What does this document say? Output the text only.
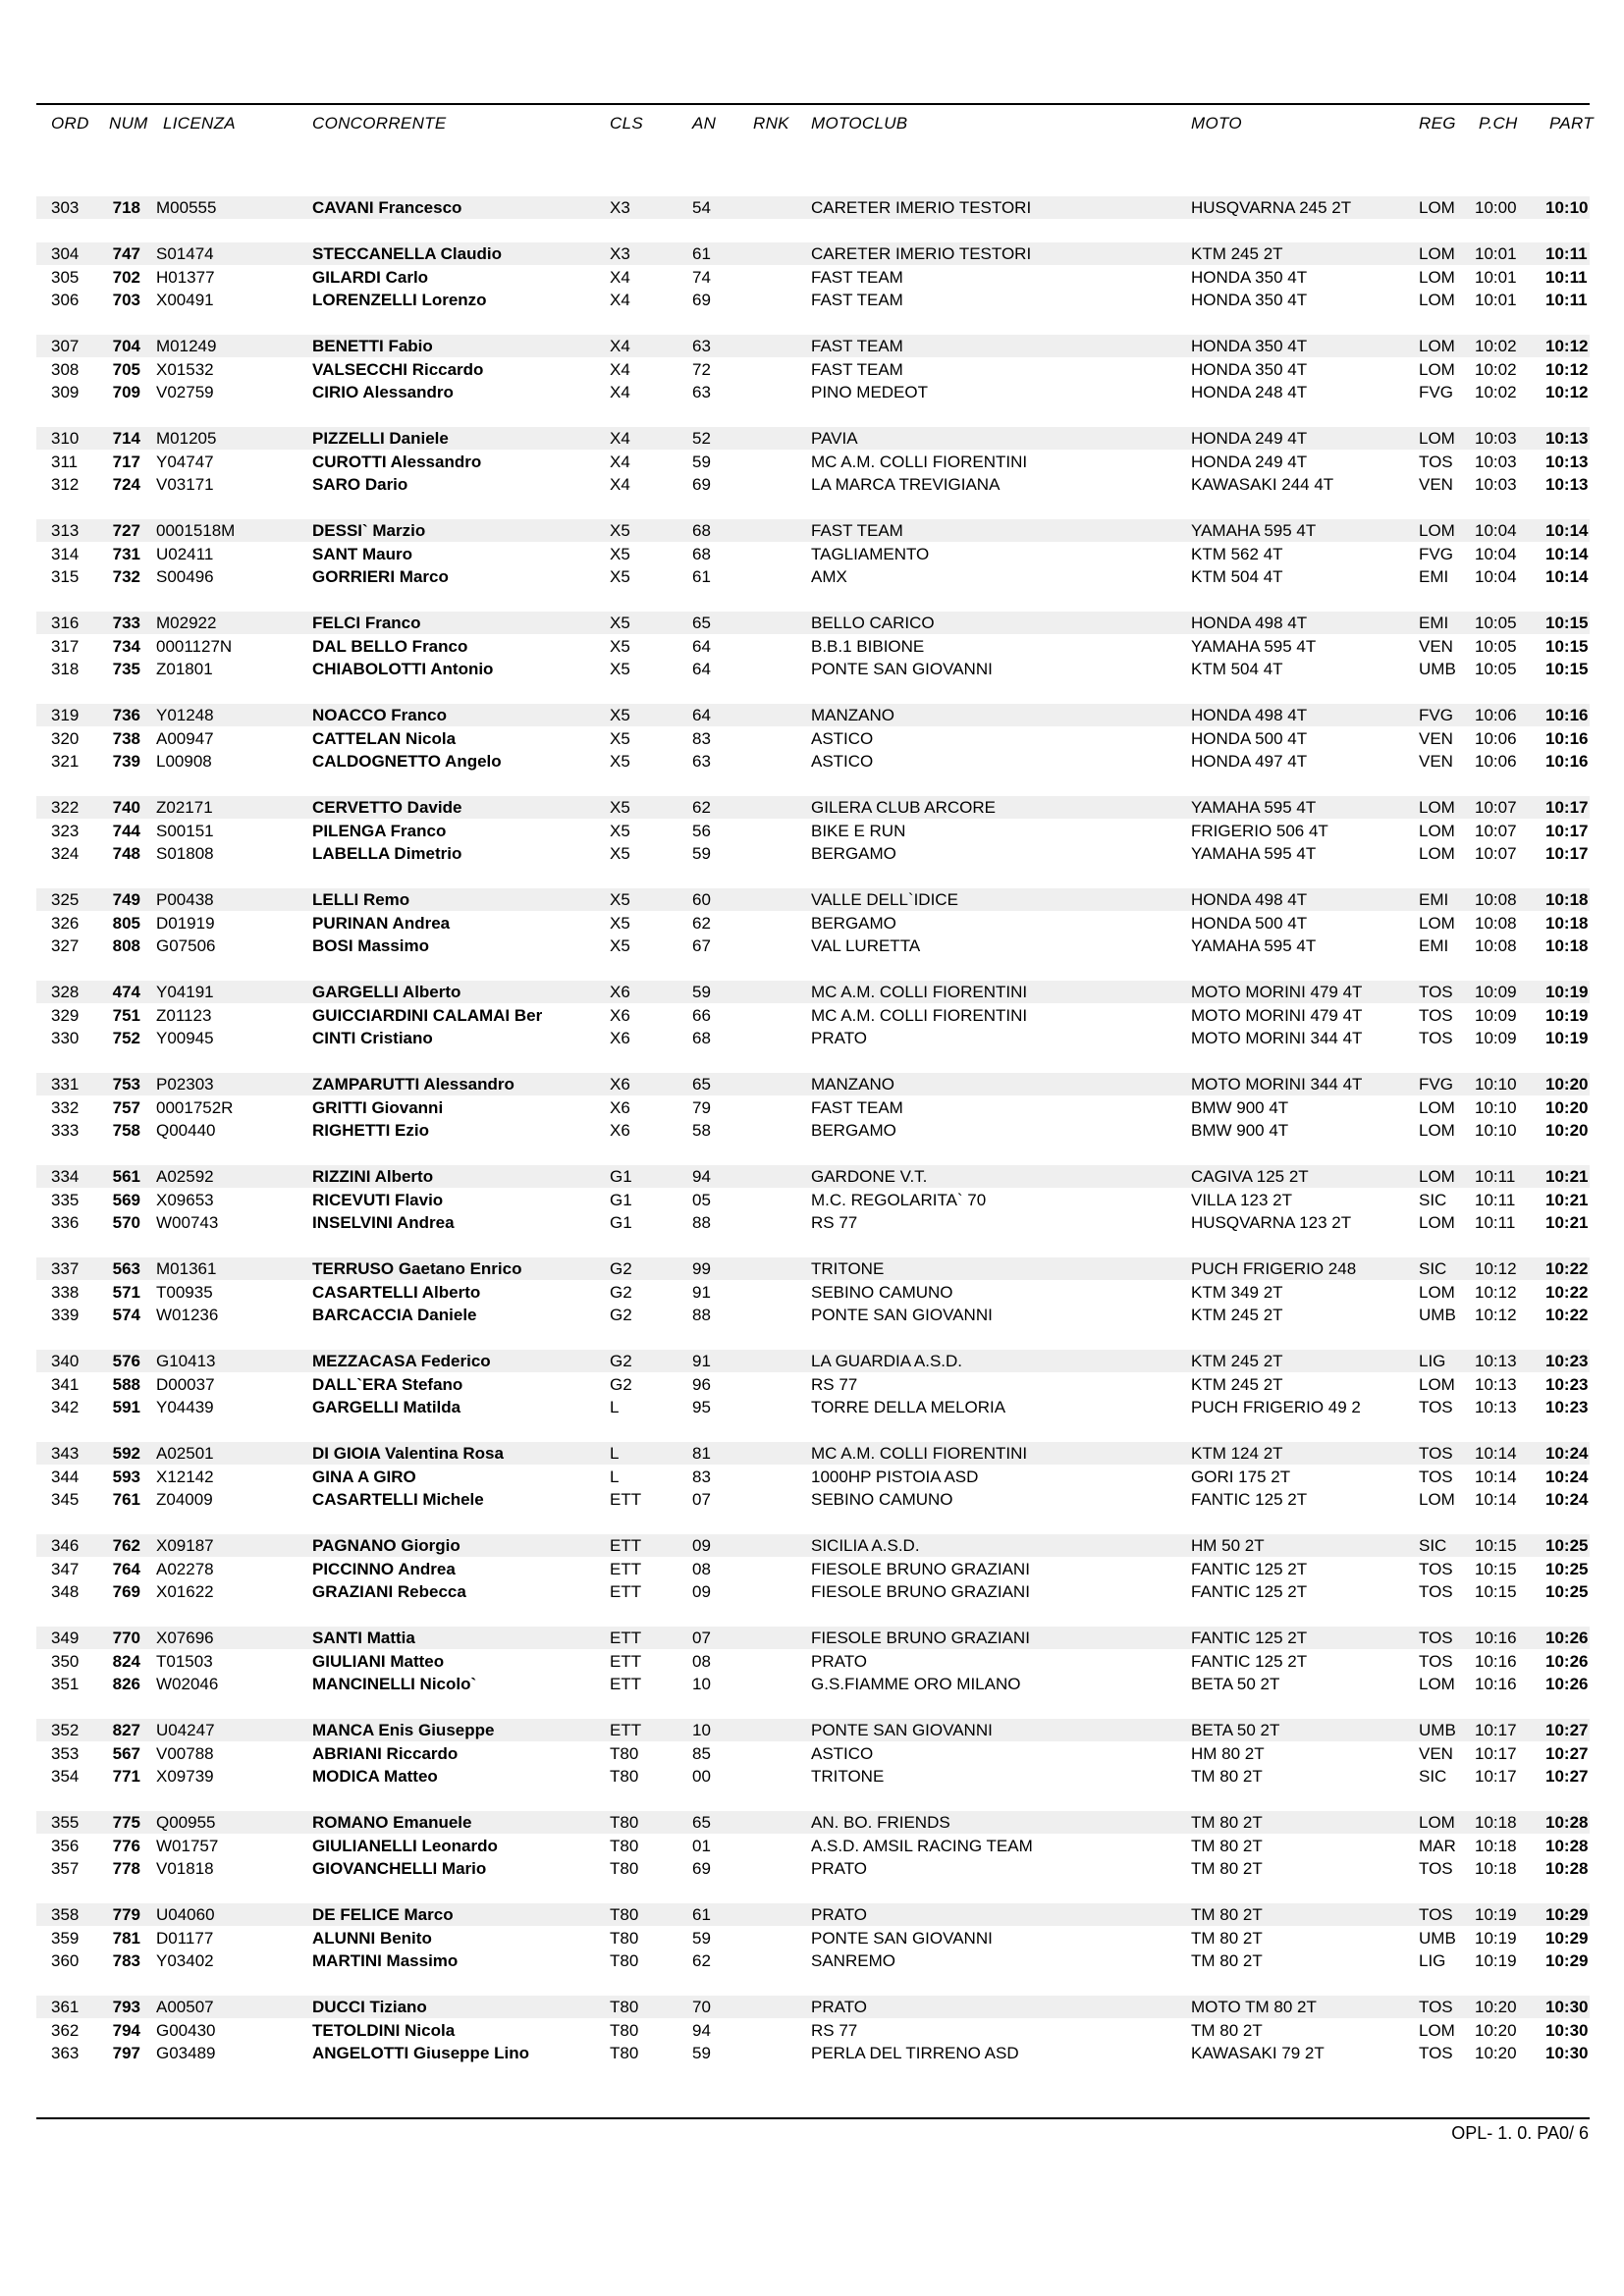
ORD NUM LICENZA	CONCORRENTE	CLS	AN RNK MOTOCLUB	MOTO	REG P.CH PART
303	718 M00555	CAVANI Francesco	X3	54	CARETER IMERIO TESTORI	HUSQVARNA 245 2T	LOM 10:00 10:10
304	747 S01474	STECCANELLA Claudio	X3	61	CARETER IMERIO TESTORI	KTM 245 2T	LOM 10:01 10:11
305	702 H01377	GILARDI Carlo	X4	74	FAST TEAM	HONDA 350 4T	LOM 10:01 10:11
306	703 X00491	LORENZELLI Lorenzo	X4	69	FAST TEAM	HONDA 350 4T	LOM 10:01 10:11
307	704 M01249	BENETTI Fabio	X4	63	FAST TEAM	HONDA 350 4T	LOM 10:02 10:12
308	705 X01532	VALSECCHI Riccardo	X4	72	FAST TEAM	HONDA 350 4T	LOM 10:02 10:12
309	709 V02759	CIRIO Alessandro	X4	63	PINO MEDEOT	HONDA 248 4T	FVG 10:02 10:12
310	714 M01205	PIZZELLI Daniele	X4	52	PAVIA	HONDA 249 4T	LOM 10:03 10:13
311	717 Y04747	CUROTTI Alessandro	X4	59	MC A.M. COLLI FIORENTINI	HONDA 249 4T	TOS 10:03 10:13
312	724 V03171	SARO Dario	X4	69	LA MARCA TREVIGIANA	KAWASAKI 244 4T	VEN 10:03 10:13
313	727 0001518M	DESSI` Marzio	X5	68	FAST TEAM	YAMAHA 595 4T	LOM 10:04 10:14
314	731 U02411	SANT Mauro	X5	68	TAGLIAMENTO	KTM 562 4T	FVG 10:04 10:14
315	732 S00496	GORRIERI Marco	X5	61	AMX	KTM 504 4T	EMI 10:04 10:14
316	733 M02922	FELCI Franco	X5	65	BELLO CARICO	HONDA 498 4T	EMI 10:05 10:15
317	734 0001127N	DAL BELLO Franco	X5	64	B.B.1 BIBIONE	YAMAHA 595 4T	VEN 10:05 10:15
318	735 Z01801	CHIABOLOTTI Antonio	X5	64	PONTE SAN GIOVANNI	KTM 504 4T	UMB 10:05 10:15
319	736 Y01248	NOACCO Franco	X5	64	MANZANO	HONDA 498 4T	FVG 10:06 10:16
320	738 A00947	CATTELAN Nicola	X5	83	ASTICO	HONDA 500 4T	VEN 10:06 10:16
321	739 L00908	CALDOGNETTO Angelo	X5	63	ASTICO	HONDA 497 4T	VEN 10:06 10:16
322	740 Z02171	CERVETTO Davide	X5	62	GILERA CLUB ARCORE	YAMAHA 595 4T	LOM 10:07 10:17
323	744 S00151	PILENGA Franco	X5	56	BIKE E RUN	FRIGERIO 506 4T	LOM 10:07 10:17
324	748 S01808	LABELLA Dimetrio	X5	59	BERGAMO	YAMAHA 595 4T	LOM 10:07 10:17
325	749 P00438	LELLI Remo	X5	60	VALLE DELL`IDICE	HONDA 498 4T	EMI 10:08 10:18
326	805 D01919	PURINAN Andrea	X5	62	BERGAMO	HONDA 500 4T	LOM 10:08 10:18
327	808 G07506	BOSI Massimo	X5	67	VAL LURETTA	YAMAHA 595 4T	EMI 10:08 10:18
328	474 Y04191	GARGELLI Alberto	X6	59	MC A.M. COLLI FIORENTINI	MOTO MORINI 479 4T	TOS 10:09 10:19
329	751 Z01123	GUICCIARDINI CALAMAI Ber	X6	66	MC A.M. COLLI FIORENTINI	MOTO MORINI 479 4T	TOS 10:09 10:19
330	752 Y00945	CINTI Cristiano	X6	68	PRATO	MOTO MORINI 344 4T	TOS 10:09 10:19
331	753 P02303	ZAMPARUTTI Alessandro	X6	65	MANZANO	MOTO MORINI 344 4T	FVG 10:10 10:20
332	757 0001752R	GRITTI Giovanni	X6	79	FAST TEAM	BMW 900 4T	LOM 10:10 10:20
333	758 Q00440	RIGHETTI Ezio	X6	58	BERGAMO	BMW 900 4T	LOM 10:10 10:20
334	561 A02592	RIZZINI Alberto	G1	94	GARDONE V.T.	CAGIVA 125 2T	LOM 10:11 10:21
335	569 X09653	RICEVUTI Flavio	G1	05	M.C. REGOLARITA` 70	VILLA 123 2T	SIC 10:11 10:21
336	570 W00743	INSELVINI Andrea	G1	88	RS 77	HUSQVARNA 123 2T	LOM 10:11 10:21
337	563 M01361	TERRUSO Gaetano Enrico	G2	99	TRITONE	PUCH FRIGERIO 248	SIC 10:12 10:22
338	571 T00935	CASARTELLI Alberto	G2	91	SEBINO CAMUNO	KTM 349 2T	LOM 10:12 10:22
339	574 W01236	BARCACCIA Daniele	G2	88	PONTE SAN GIOVANNI	KTM 245 2T	UMB 10:12 10:22
340	576 G10413	MEZZACASA Federico	G2	91	LA GUARDIA A.S.D.	KTM 245 2T	LIG 10:13 10:23
341	588 D00037	DALL`ERA Stefano	G2	96	RS 77	KTM 245 2T	LOM 10:13 10:23
342	591 Y04439	GARGELLI Matilda	L	95	TORRE DELLA MELORIA	PUCH FRIGERIO 49 2	TOS 10:13 10:23
343	592 A02501	DI GIOIA Valentina Rosa	L	81	MC A.M. COLLI FIORENTINI	KTM 124 2T	TOS 10:14 10:24
344	593 X12142	GINA A GIRO	L	83	1000HP PISTOIA ASD	GORI 175 2T	TOS 10:14 10:24
345	761 Z04009	CASARTELLI Michele	ETT	07	SEBINO CAMUNO	FANTIC 125 2T	LOM 10:14 10:24
346	762 X09187	PAGNANO Giorgio	ETT	09	SICILIA A.S.D.	HM 50 2T	SIC 10:15 10:25
347	764 A02278	PICCINNO Andrea	ETT	08	FIESOLE BRUNO GRAZIANI	FANTIC 125 2T	TOS 10:15 10:25
348	769 X01622	GRAZIANI Rebecca	ETT	09	FIESOLE BRUNO GRAZIANI	FANTIC 125 2T	TOS 10:15 10:25
349	770 X07696	SANTI Mattia	ETT	07	FIESOLE BRUNO GRAZIANI	FANTIC 125 2T	TOS 10:16 10:26
350	824 T01503	GIULIANI Matteo	ETT	08	PRATO	FANTIC 125 2T	TOS 10:16 10:26
351	826 W02046	MANCINELLI Nicolo`	ETT	10	G.S.FIAMME ORO MILANO	BETA 50 2T	LOM 10:16 10:26
352	827 U04247	MANCA Enis Giuseppe	ETT	10	PONTE SAN GIOVANNI	BETA 50 2T	UMB 10:17 10:27
353	567 V00788	ABRIANI Riccardo	T80	85	ASTICO	HM 80 2T	VEN 10:17 10:27
354	771 X09739	MODICA Matteo	T80	00	TRITONE	TM 80 2T	SIC 10:17 10:27
355	775 Q00955	ROMANO Emanuele	T80	65	AN. BO. FRIENDS	TM 80 2T	LOM 10:18 10:28
356	776 W01757	GIULIANELLI Leonardo	T80	01	A.S.D. AMSIL RACING TEAM	TM 80 2T	MAR 10:18 10:28
357	778 V01818	GIOVANCHELLI Mario	T80	69	PRATO	TM 80 2T	TOS 10:18 10:28
358	779 U04060	DE FELICE Marco	T80	61	PRATO	TM 80 2T	TOS 10:19 10:29
359	781 D01177	ALUNNI Benito	T80	59	PONTE SAN GIOVANNI	TM 80 2T	UMB 10:19 10:29
360	783 Y03402	MARTINI Massimo	T80	62	SANREMO	TM 80 2T	LIG 10:19 10:29
361	793 A00507	DUCCI Tiziano	T80	70	PRATO	MOTO TM 80 2T	TOS 10:20 10:30
362	794 G00430	TETOLDINI Nicola	T80	94	RS 77	TM 80 2T	LOM 10:20 10:30
363	797 G03489	ANGELOTTI Giuseppe Lino	T80	59	PERLA DEL TIRRENO ASD	KAWASAKI 79 2T	TOS 10:20 10:30
OPL- 1. 0. PA0/ 6
